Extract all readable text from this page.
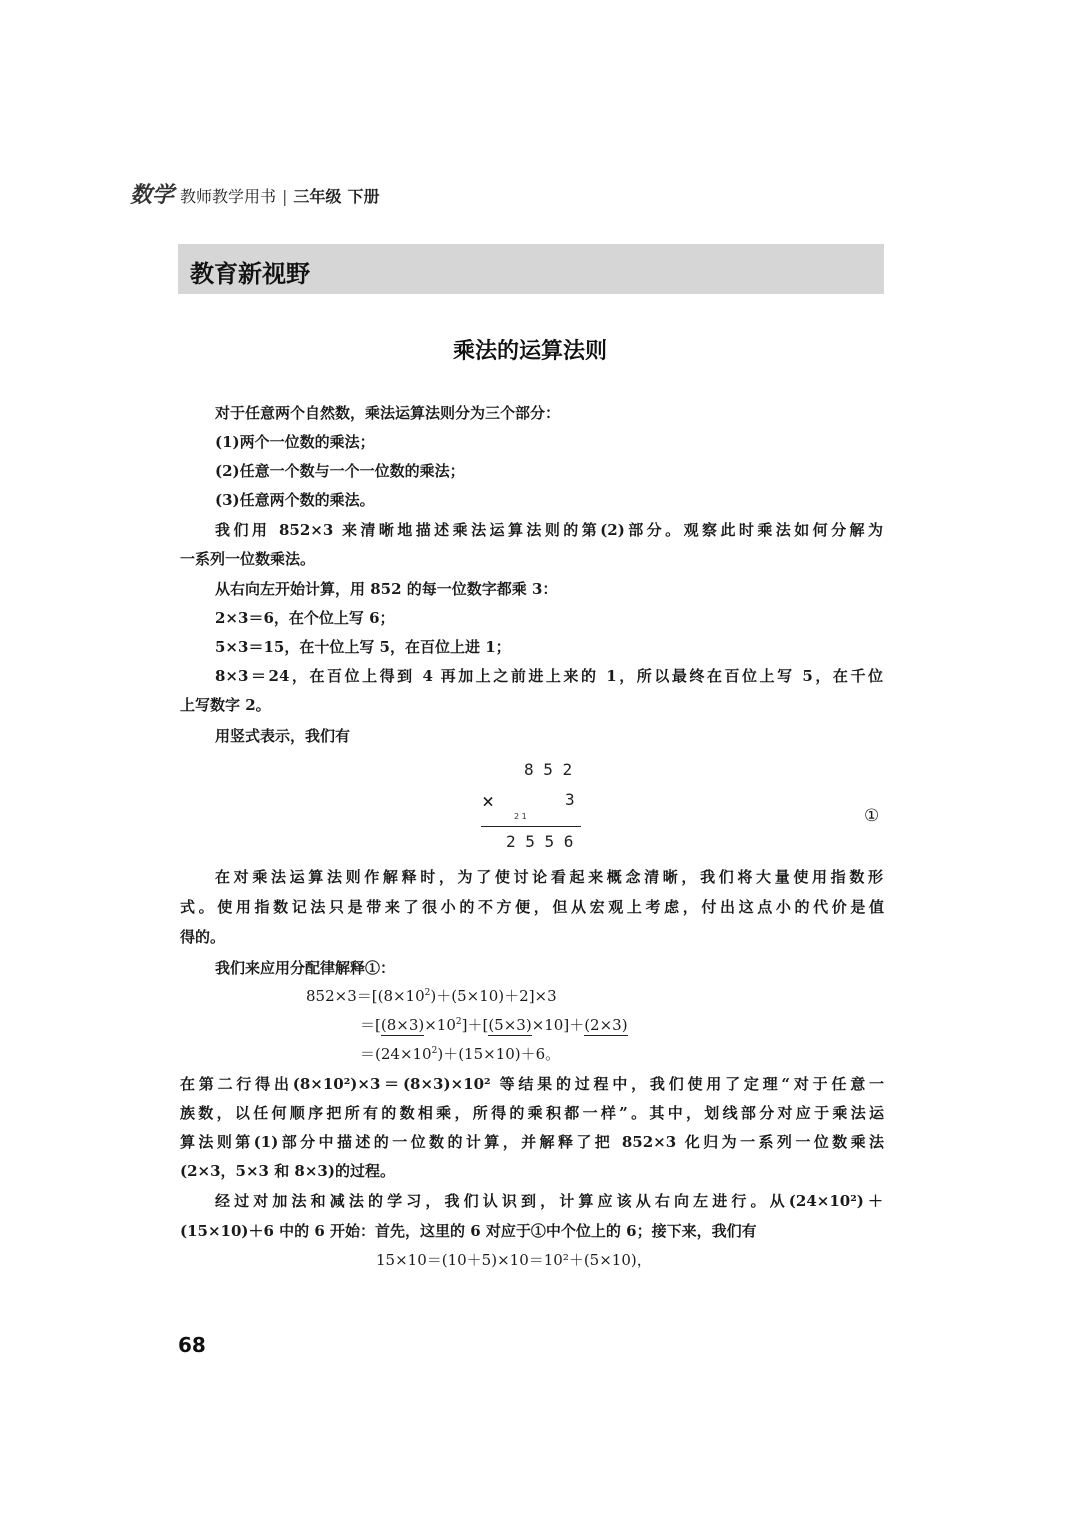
数学 教师教学用书 | 三年级 下册
教育新视野
乘法的运算法则
对于任意两个自然数，乘法运算法则分为三个部分：
(1)两个一位数的乘法；
(2)任意一个数与一个一位数的乘法；
(3)任意两个数的乘法。
我们用 852×3 来清晰地描述乘法运算法则的第(2)部分。观察此时乘法如何分解为
一系列一位数乘法。
从右向左开始计算，用 852 的每一位数字都乘 3：
2×3＝6，在个位上写 6；
5×3＝15，在十位上写 5，在百位上进 1；
8×3＝24，在百位上得到 4 再加上之前进上来的 1，所以最终在百位上写 5，在千位
上写数字 2。
用竖式表示，我们有
8 5 2
×	3
2 1
2 5 5 6
①
在对乘法运算法则作解释时，为了使讨论看起来概念清晰，我们将大量使用指数形
式。使用指数记法只是带来了很小的不方便，但从宏观上考虑，付出这点小的代价是值
得的。
我们来应用分配律解释①：
$852\times 3=[(8\times 10^2)+(5\times 10)+2]\times 3$
$=[(8\times 3)\times 10^2]+[(5\times 3)\times 10]+(2\times 3)$
$=(24\times 10^2)+(15\times 10)+6$。
在第二行得出(8×10²)×3＝(8×3)×10² 等结果的过程中，我们使用了定理“对于任意一
族数，以任何顺序把所有的数相乘，所得的乘积都一样”。其中，划线部分对应于乘法运
算法则第(1)部分中描述的一位数的计算，并解释了把 852×3 化归为一系列一位数乘法
(2×3，5×3 和 8×3)的过程。
经过对加法和减法的学习，我们认识到，计算应该从右向左进行。从(24×10²)＋
(15×10)＋6 中的 6 开始：首先，这里的 6 对应于①中个位上的 6；接下来，我们有
15×10＝(10＋5)×10＝10²＋(5×10)，
68
